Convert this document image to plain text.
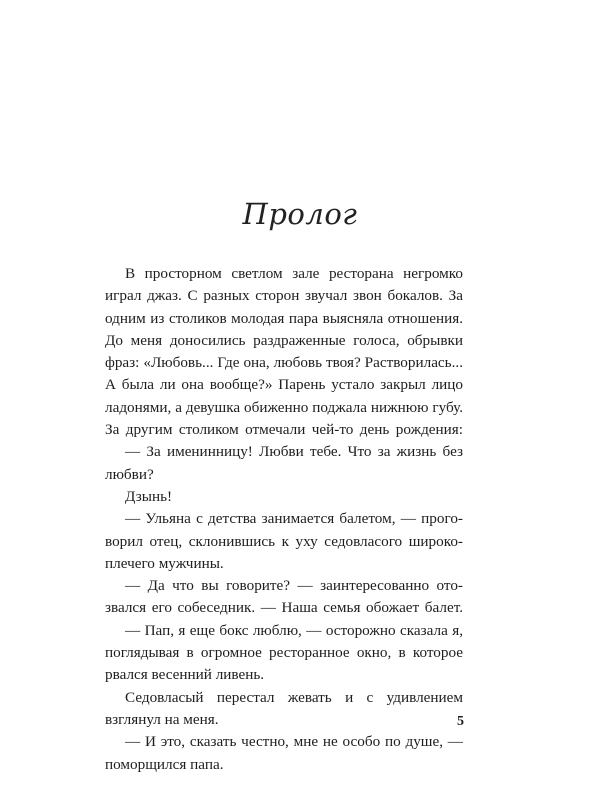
Пролог
В просторном светлом зале ресторана негромко
играл джаз. С разных сторон звучал звон бокалов. За
одним из столиков молодая пара выясняла отношения.
До меня доносились раздраженные голоса, обрывки
фраз: «Любовь... Где она, любовь твоя? Растворилась...
А была ли она вообще?» Парень устало закрыл лицо
ладонями, а девушка обиженно поджала нижнюю губу.
За другим столиком отмечали чей-то день рождения:
— За именинницу! Любви тебе. Что за жизнь без
любви?
Дзынь!
— Ульяна с детства занимается балетом, — прого-
ворил отец, склонившись к уху седовласого широко-
плечего мужчины.
— Да что вы говорите? — заинтересованно ото-
звался его собеседник. — Наша семья обожает балет.
— Пап, я еще бокс люблю, — осторожно сказала я,
поглядывая в огромное ресторанное окно, в которое
рвался весенний ливень.
Седовласый перестал жевать и с удивлением
взглянул на меня.
— И это, сказать честно, мне не особо по душе, —
поморщился папа.
5
